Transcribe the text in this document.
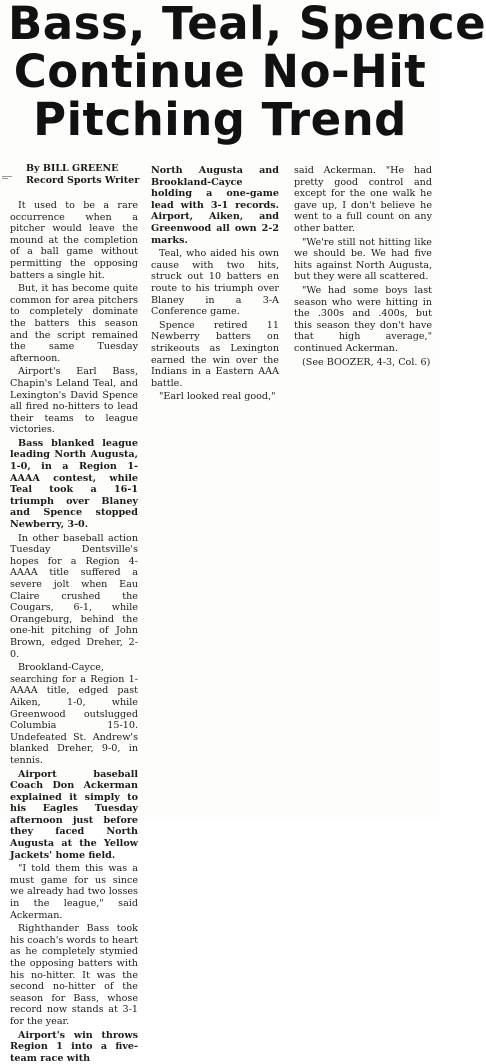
Bass, Teal, Spence
Continue No-Hit
Pitching Trend
By BILL GREENE
Record Sports Writer

It used to be a rare occurrence when a pitcher would leave the mound at the completion of a ball game without permitting the opposing batters a single hit.

But, it has become quite common for area pitchers to completely dominate the batters this season and the script remained the same Tuesday afternoon.

Airport's Earl Bass, Chapin's Leland Teal, and Lexington's David Spence all fired no-hitters to lead their teams to league victories.

Bass blanked league leading North Augusta, 1-0, in a Region 1-AAAA contest, while Teal took a 16-1 triumph over Blaney and Spence stopped Newberry, 3-0.

In other baseball action Tuesday Dentsville's hopes for a Region 4-AAAA title suffered a severe jolt when Eau Claire crushed the Cougars, 6-1, while Orangeburg, behind the one-hit pitching of John Brown, edged Dreher, 2-0.

Brookland-Cayce, searching for a Region 1-AAAA title, edged past Aiken, 1-0, while Greenwood outslugged Columbia 15-10. Undefeated St. Andrew's blanked Dreher, 9-0, in tennis.

Airport baseball Coach Don Ackerman explained it simply to his Eagles Tuesday afternoon just before they faced North Augusta at the Yellow Jackets' home field.

"I told them this was a must game for us since we already had two losses in the league," said Ackerman.

Righthander Bass took his coach's words to heart as he completely stymied the opposing batters with his no-hitter. It was the second no-hitter of the season for Bass, whose record now stands at 3-1 for the year.

Airport's win throws Region 1 into a five-team race with

North Augusta and Brookland-Cayce holding a one-game lead with 3-1 records. Airport, Aiken, and Greenwood all own 2-2 marks.

Teal, who aided his own cause with two hits, struck out 10 batters en route to his triumph over Blaney in a 3-A Conference game.

Spence retired 11 Newberry batters on strikeouts as Lexington earned the win over the Indians in a Eastern AAA battle.

"Earl looked real good,"

said Ackerman. "He had pretty good control and except for the one walk he gave up, I don't believe he went to a full count on any other batter.

"We're still not hitting like we should be. We had five hits against North Augusta, but they were all scattered.

"We had some boys last season who were hitting in the .300s and .400s, but this season they don't have that high average," continued Ackerman.

(See BOOZER, 4-3, Col. 6)
